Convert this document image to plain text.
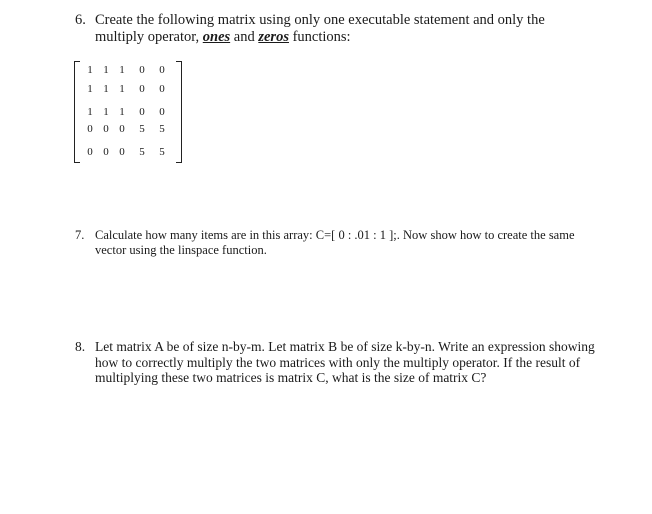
6. Create the following matrix using only one executable statement and only the multiply operator, ones and zeros functions:
1 1 1	0	0
1 1 1	0	0
1 1 1	0	0
0 0 0	5	5
0 0 0	5	5
7. Calculate how many items are in this array: C=[ 0 : .01 : 1 ];. Now show how to create the same vector using the linspace function.
8. Let matrix A be of size n-by-m. Let matrix B be of size k-by-n. Write an expression showing how to correctly multiply the two matrices with only the multiply operator. If the result of multiplying these two matrices is matrix C, what is the size of matrix C?
